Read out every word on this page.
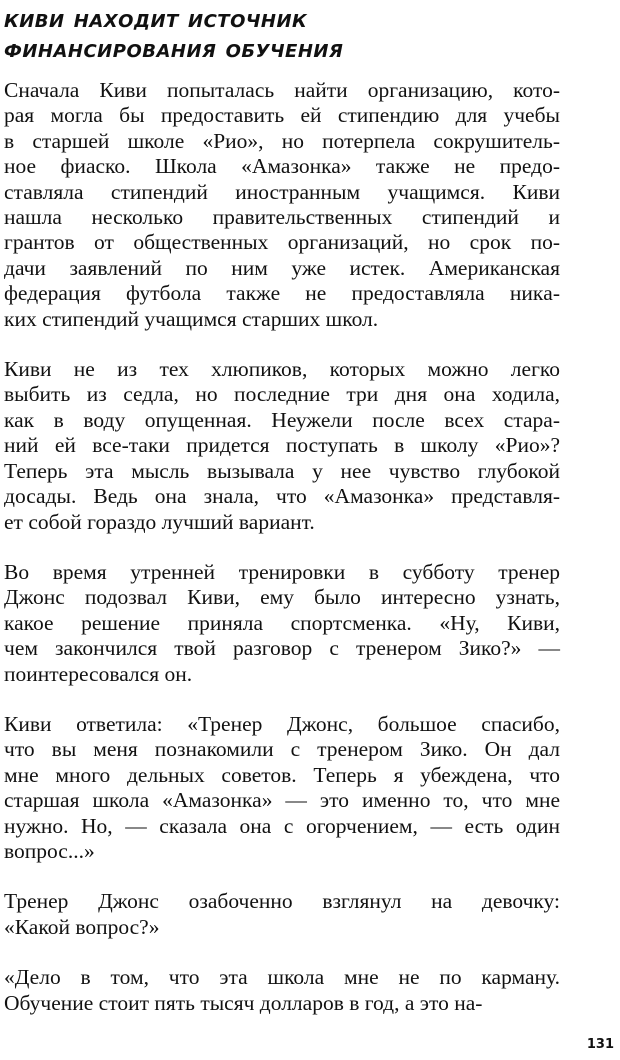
киви находит источник
финансирования обучения

Сначала Киви попыталась найти организацию, кото-
рая могла бы предоставить ей стипендию для учебы
в старшей школе «Рио», но потерпела сокрушитель-
ное фиаско. Школа «Амазонка» также не предо-
ставляла стипендий иностранным учащимся. Киви
нашла несколько правительственных стипендий и
грантов от общественных организаций, но срок по-
дачи заявлений по ним уже истек. Американская
федерация футбола также не предоставляла никa-
ких стипендий учащимся старших школ.

Киви не из тех хлюпиков, которых можно легко
выбить из седла, но последние три дня она ходила,
как в воду опущенная. Неужели после всех стара-
ний ей все-таки придется поступать в школу «Рио»?
Теперь эта мысль вызывала у нее чувство глубокой
досады. Ведь она знала, что «Амазонка» представля-
ет собой гораздо лучший вариант.

Во время утренней тренировки в субботу тренер
Джонс подозвал Киви, ему было интересно узнать,
какое решение приняла спортсменка. «Ну, Киви,
чем закончился твой разговор с тренером Зико?» —
поинтересовался он.

Киви ответила: «Тренер Джонс, большое спасибо,
что вы меня познакомили с тренером Зико. Он дал
мне много дельных советов. Теперь я убеждена, что
старшая школа «Амазонка» — это именно то, что мне
нужно. Но, — сказала она с огорчением, — есть один
вопрос...»

Тренер Джонс озабоченно взглянул на девочку:
«Какой вопрос?»

«Дело в том, что эта школа мне не по карману.
Обучение стоит пять тысяч долларов в год, а это на-

131
